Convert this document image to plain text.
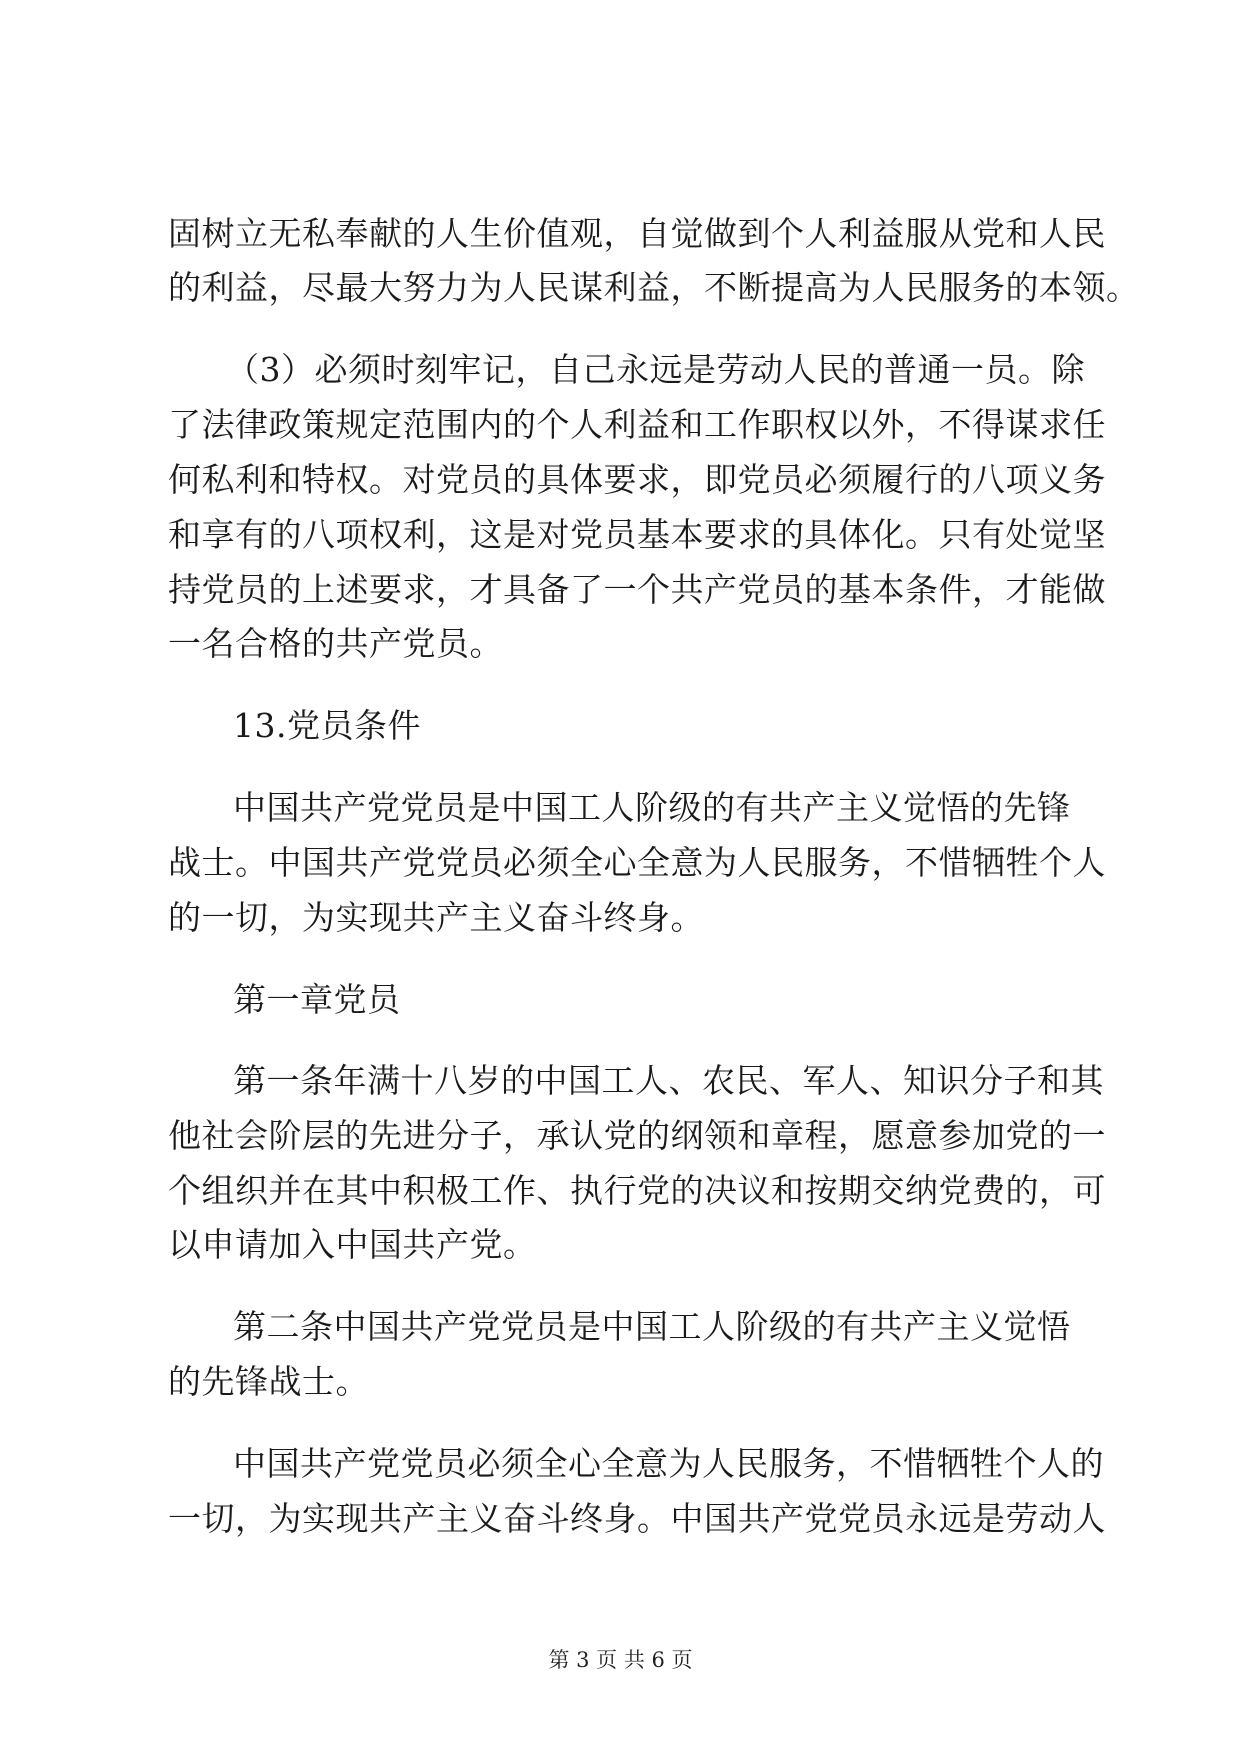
固树立无私奉献的人生价值观，自觉做到个人利益服从党和人民
的利益，尽最大努力为人民谋利益，不断提高为人民服务的本领。
（3）必须时刻牢记，自己永远是劳动人民的普通一员。除
了法律政策规定范围内的个人利益和工作职权以外，不得谋求任
何私利和特权。对党员的具体要求，即党员必须履行的八项义务
和享有的八项权利，这是对党员基本要求的具体化。只有处觉坚
持党员的上述要求，才具备了一个共产党员的基本条件，才能做
一名合格的共产党员。
13.党员条件
中国共产党党员是中国工人阶级的有共产主义觉悟的先锋
战士。中国共产党党员必须全心全意为人民服务，不惜牺牲个人
的一切，为实现共产主义奋斗终身。
第一章党员
第一条年满十八岁的中国工人、农民、军人、知识分子和其
他社会阶层的先进分子，承认党的纲领和章程，愿意参加党的一
个组织并在其中积极工作、执行党的决议和按期交纳党费的，可
以申请加入中国共产党。
第二条中国共产党党员是中国工人阶级的有共产主义觉悟
的先锋战士。
中国共产党党员必须全心全意为人民服务，不惜牺牲个人的
一切，为实现共产主义奋斗终身。中国共产党党员永远是劳动人
第 3 页 共 6 页
